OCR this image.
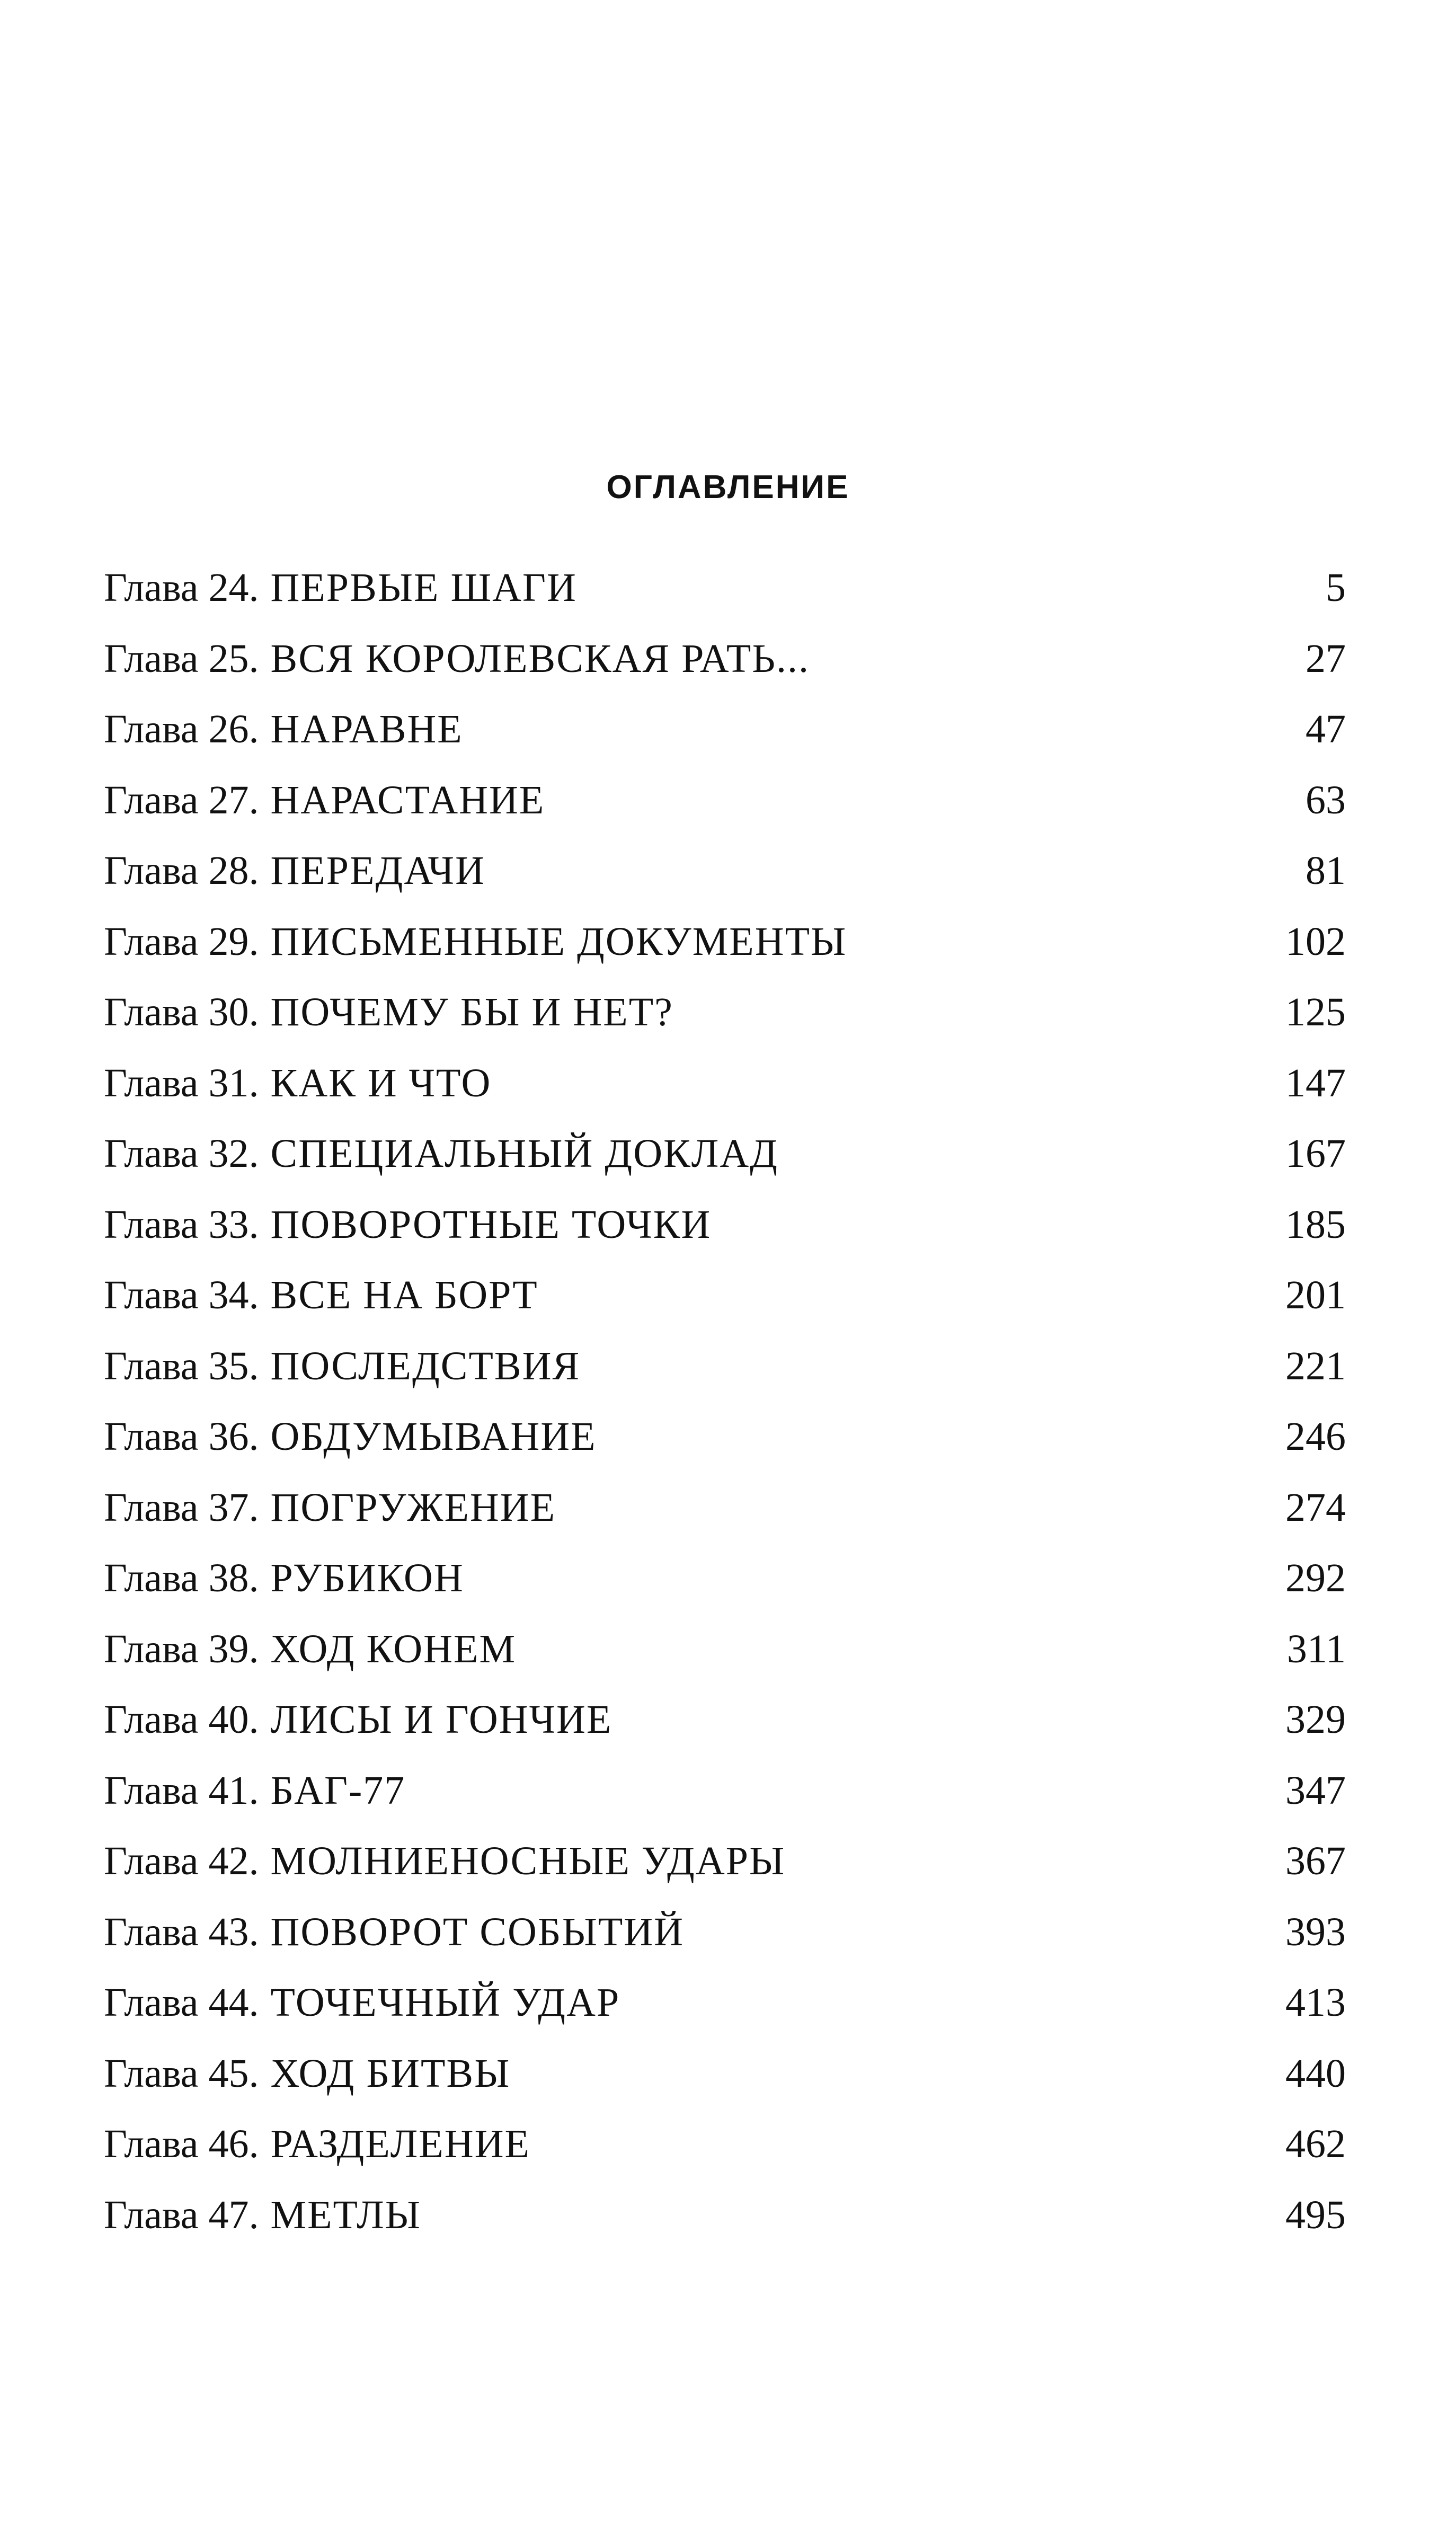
ОГЛАВЛЕНИЕ
Глава 24. ПЕРВЫЕ ШАГИ	5
Глава 25. ВСЯ КОРОЛЕВСКАЯ РАТЬ...	27
Глава 26. НАРАВНЕ	47
Глава 27. НАРАСТАНИЕ	63
Глава 28. ПЕРЕДАЧИ	81
Глава 29. ПИСЬМЕННЫЕ ДОКУМЕНТЫ	102
Глава 30. ПОЧЕМУ БЫ И НЕТ?	125
Глава 31. КАК И ЧТО	147
Глава 32. СПЕЦИАЛЬНЫЙ ДОКЛАД	167
Глава 33. ПОВОРОТНЫЕ ТОЧКИ	185
Глава 34. ВСЕ НА БОРТ	201
Глава 35. ПОСЛЕДСТВИЯ	221
Глава 36. ОБДУМЫВАНИЕ	246
Глава 37. ПОГРУЖЕНИЕ	274
Глава 38. РУБИКОН	292
Глава 39. ХОД КОНЕМ	311
Глава 40. ЛИСЫ И ГОНЧИЕ	329
Глава 41. БАГ-77	347
Глава 42. МОЛНИЕНОСНЫЕ УДАРЫ	367
Глава 43. ПОВОРОТ СОБЫТИЙ	393
Глава 44. ТОЧЕЧНЫЙ УДАР	413
Глава 45. ХОД БИТВЫ	440
Глава 46. РАЗДЕЛЕНИЕ	462
Глава 47. МЕТЛЫ	495
